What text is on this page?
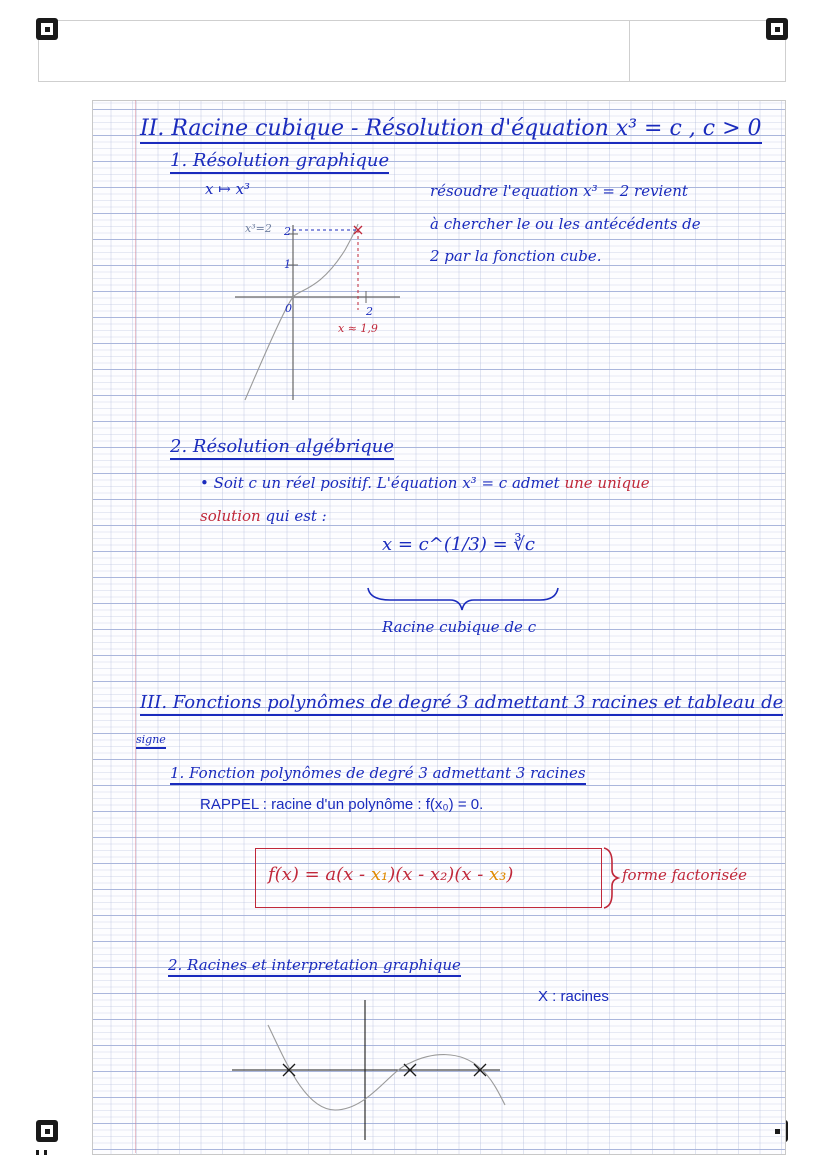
II. Racine cubique - Résolution d'équation x³ = c , c > 0
1. Résolution graphique
x ↦ x³
x³=2 2
1
0	2
x ≈ 1,9
résoudre l'equation x³ = 2 revient
à chercher le ou les antécédents de
2 par la fonction cube.
2. Résolution algébrique
• Soit c un réel positif. L'équation x³ = c admet une unique
solution qui est :
x = c^(1/3) = ∛c
Racine cubique de c
III. Fonctions polynômes de degré 3 admettant 3 racines et tableau de
signe
1. Fonction polynômes de degré 3 admettant 3 racines
RAPPEL : racine d'un polynôme : f(x₀) = 0.
f(x) = a(x - x₁)(x - x₂)(x - x₃)	forme factorisée
2. Racines et interpretation graphique
X : racines
